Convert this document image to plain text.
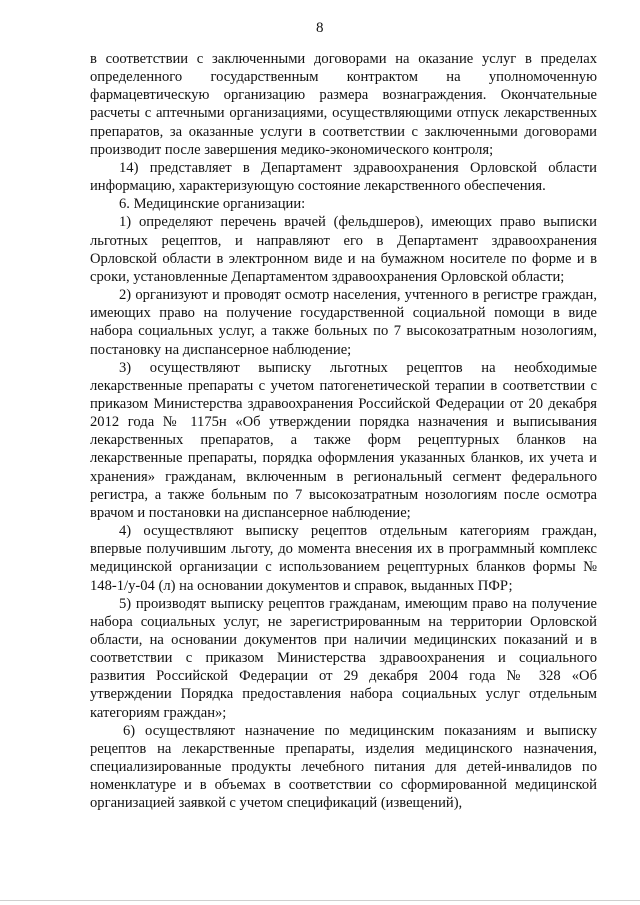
8

в соответствии с заключенными договорами на оказание услуг в пределах определенного государственным контрактом на уполномоченную фармацевтическую организацию размера вознаграждения. Окончательные расчеты с аптечными организациями, осуществляющими отпуск лекарственных препаратов, за оказанные услуги в соответствии с заключенными договорами производит после завершения медико-экономического контроля;

14) представляет в Департамент здравоохранения Орловской области информацию, характеризующую состояние лекарственного обеспечения.

6. Медицинские организации:

1) определяют перечень врачей (фельдшеров), имеющих право выписки льготных рецептов, и направляют его в Департамент здравоохранения Орловской области в электронном виде и на бумажном носителе по форме и в сроки, установленные Департаментом здравоохранения Орловской области;

2) организуют и проводят осмотр населения, учтенного в регистре граждан, имеющих право на получение государственной социальной помощи в виде набора социальных услуг, а также больных по 7 высокозатратным нозологиям, постановку на диспансерное наблюдение;

3) осуществляют выписку льготных рецептов на необходимые лекарственные препараты с учетом патогенетической терапии в соответствии с приказом Министерства здравоохранения Российской Федерации от 20 декабря 2012 года № 1175н «Об утверждении порядка назначения и выписывания лекарственных препаратов, а также форм рецептурных бланков на лекарственные препараты, порядка оформления указанных бланков, их учета и хранения» гражданам, включенным в региональный сегмент федерального регистра, а также больным по 7 высокозатратным нозологиям после осмотра врачом и постановки на диспансерное наблюдение;

4) осуществляют выписку рецептов отдельным категориям граждан, впервые получившим льготу, до момента внесения их в программный комплекс медицинской организации с использованием рецептурных бланков формы № 148-1/у-04 (л) на основании документов и справок, выданных ПФР;

5) производят выписку рецептов гражданам, имеющим право на получение набора социальных услуг, не зарегистрированным на территории Орловской области, на основании документов при наличии медицинских показаний и в соответствии с приказом Министерства здравоохранения и социального развития Российской Федерации от 29 декабря 2004 года № 328 «Об утверждении Порядка предоставления набора социальных услуг отдельным категориям граждан»;

6) осуществляют назначение по медицинским показаниям и выписку рецептов на лекарственные препараты, изделия медицинского назначения, специализированные продукты лечебного питания для детей-инвалидов по номенклатуре и в объемах в соответствии со сформированной медицинской организацией заявкой с учетом спецификаций (извещений),
